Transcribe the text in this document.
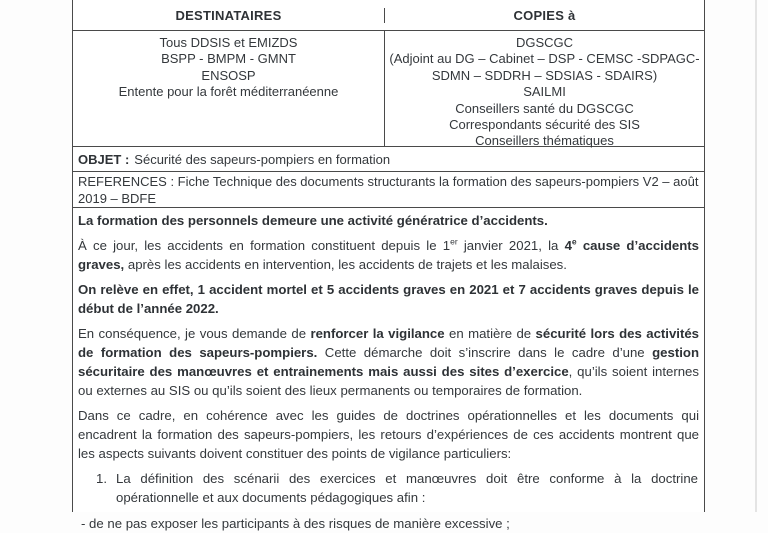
DESTINATAIRES	COPIES à
Tous DDSIS et EMIZDS
BSPP - BMPM - GMNT
ENSOSP
Entente pour la forêt méditerranéenne
DGSCGC
(Adjoint au DG – Cabinet – DSP - CEMSC -SDPAGC-
SDMN – SDDRH – SDSIAS - SDAIRS)
SAILMI
Conseillers santé du DGSCGC
Correspondants sécurité des SIS
Conseillers thématiques
OBJET : Sécurité des sapeurs-pompiers en formation
REFERENCES : Fiche Technique des documents structurants la formation des sapeurs-pompiers V2 – août 2019 – BDFE

La formation des personnels demeure une activité génératrice d’accidents.

À ce jour, les accidents en formation constituent depuis le 1er janvier 2021, la 4e cause d’accidents graves, après les accidents en intervention, les accidents de trajets et les malaises.

On relève en effet, 1 accident mortel et 5 accidents graves en 2021 et 7 accidents graves depuis le début de l’année 2022.

En conséquence, je vous demande de renforcer la vigilance en matière de sécurité lors des activités de formation des sapeurs-pompiers. Cette démarche doit s’inscrire dans le cadre d’une gestion sécuritaire des manœuvres et entrainements mais aussi des sites d’exercice, qu’ils soient internes ou externes au SIS ou qu’ils soient des lieux permanents ou temporaires de formation.

Dans ce cadre, en cohérence avec les guides de doctrines opérationnelles et les documents qui encadrent la formation des sapeurs-pompiers, les retours d’expériences de ces accidents montrent que les aspects suivants doivent constituer des points de vigilance particuliers:

1. La définition des scénarii des exercices et manœuvres doit être conforme à la doctrine opérationnelle et aux documents pédagogiques afin :

- de ne pas exposer les participants à des risques de manière excessive ;
